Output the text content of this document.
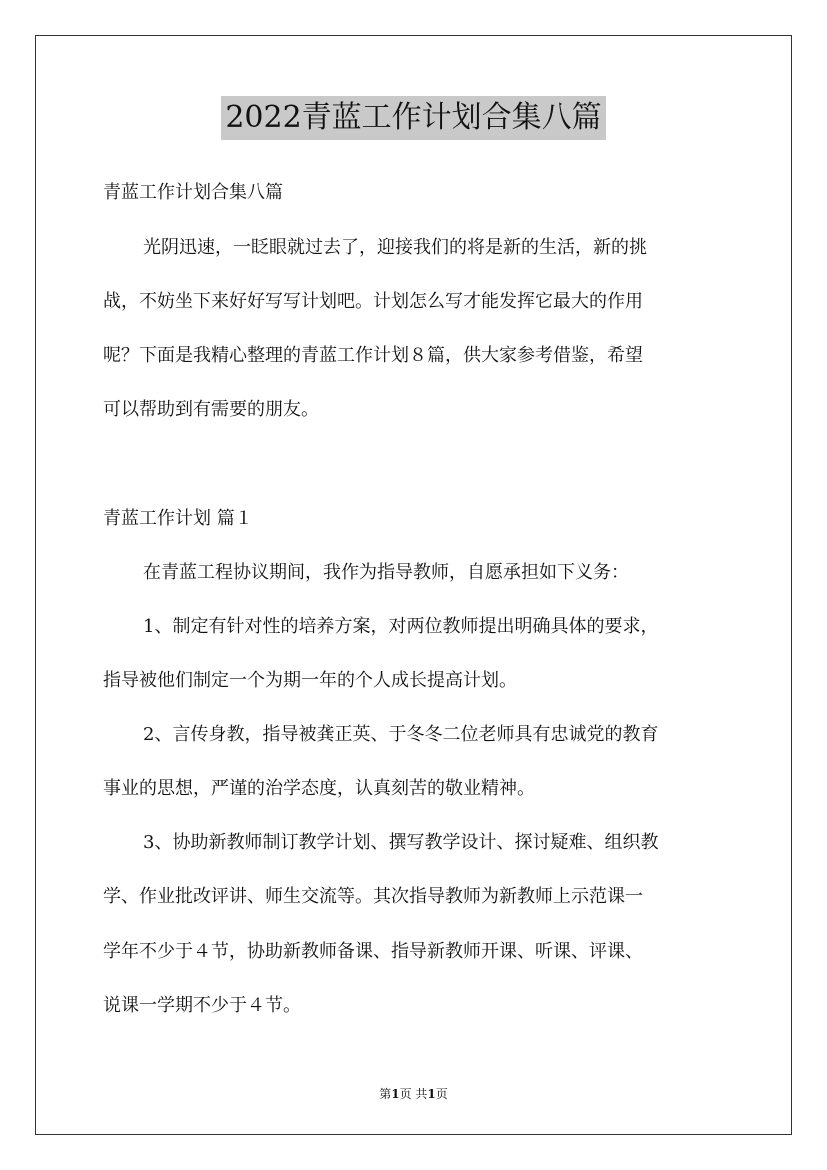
2022青蓝工作计划合集八篇
青蓝工作计划合集八篇
光阴迅速，一眨眼就过去了，迎接我们的将是新的生活，新的挑
战，不妨坐下来好好写写计划吧。计划怎么写才能发挥它最大的作用
呢？下面是我精心整理的青蓝工作计划８篇，供大家参考借鉴，希望
可以帮助到有需要的朋友。
青蓝工作计划 篇１
在青蓝工程协议期间，我作为指导教师，自愿承担如下义务：
1、制定有针对性的培养方案，对两位教师提出明确具体的要求，
指导被他们制定一个为期一年的个人成长提高计划。
2、言传身教，指导被龚正英、于冬冬二位老师具有忠诚党的教育
事业的思想，严谨的治学态度，认真刻苦的敬业精神。
3、协助新教师制订教学计划、撰写教学设计、探讨疑难、组织教
学、作业批改评讲、师生交流等。其次指导教师为新教师上示范课一
学年不少于４节，协助新教师备课、指导新教师开课、听课、评课、
说课一学期不少于４节。
第1页 共1页
